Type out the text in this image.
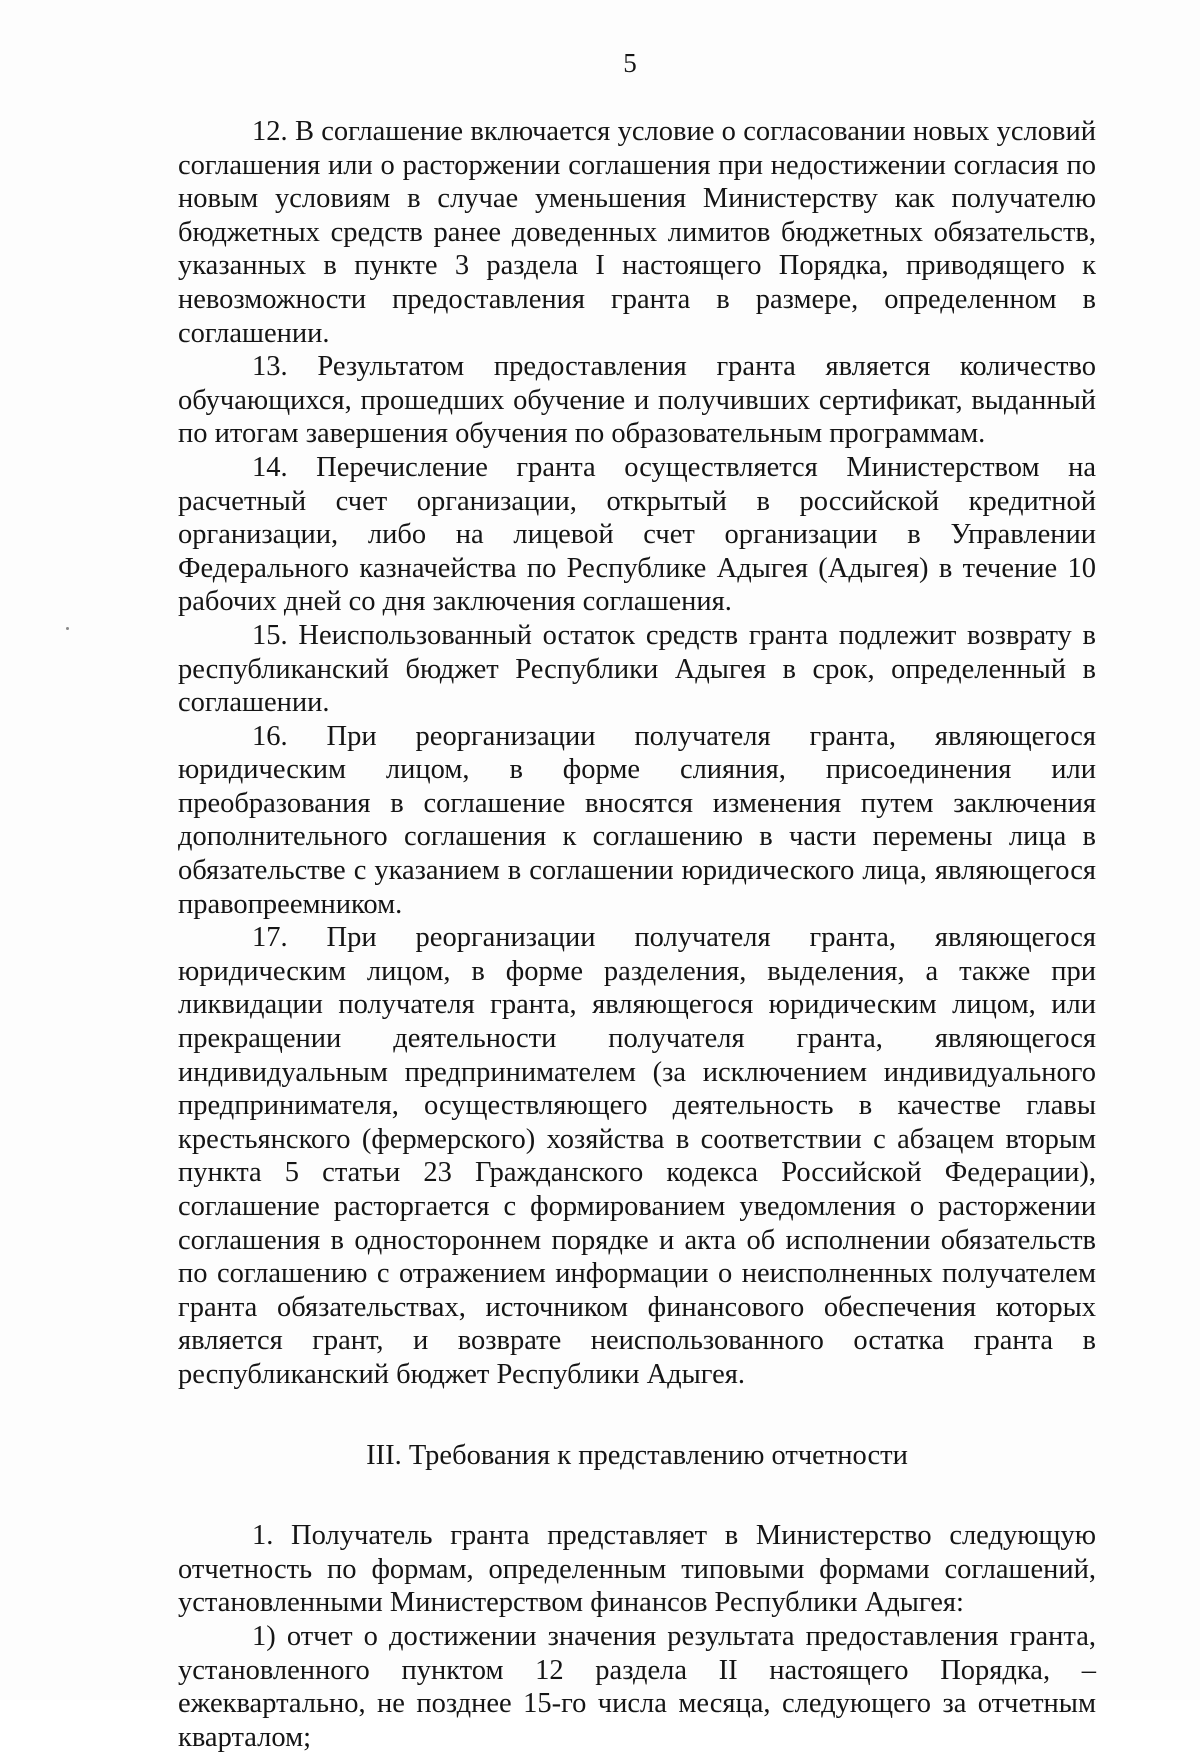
5

12. В соглашение включается условие о согласовании новых условий соглашения или о расторжении соглашения при недостижении согласия по новым условиям в случае уменьшения Министерству как получателю бюджетных средств ранее доведенных лимитов бюджетных обязательств, указанных в пункте 3 раздела I настоящего Порядка, приводящего к невозможности предоставления гранта в размере, определенном в соглашении.

13. Результатом предоставления гранта является количество обучающихся, прошедших обучение и получивших сертификат, выданный по итогам завершения обучения по образовательным программам.

14. Перечисление гранта осуществляется Министерством на расчетный счет организации, открытый в российской кредитной организации, либо на лицевой счет организации в Управлении Федерального казначейства по Республике Адыгея (Адыгея) в течение 10 рабочих дней со дня заключения соглашения.

15. Неиспользованный остаток средств гранта подлежит возврату в республиканский бюджет Республики Адыгея в срок, определенный в соглашении.

16. При реорганизации получателя гранта, являющегося юридическим лицом, в форме слияния, присоединения или преобразования в соглашение вносятся изменения путем заключения дополнительного соглашения к соглашению в части перемены лица в обязательстве с указанием в соглашении юридического лица, являющегося правопреемником.

17. При реорганизации получателя гранта, являющегося юридическим лицом, в форме разделения, выделения, а также при ликвидации получателя гранта, являющегося юридическим лицом, или прекращении деятельности получателя гранта, являющегося индивидуальным предпринимателем (за исключением индивидуального предпринимателя, осуществляющего деятельность в качестве главы крестьянского (фермерского) хозяйства в соответствии с абзацем вторым пункта 5 статьи 23 Гражданского кодекса Российской Федерации), соглашение расторгается с формированием уведомления о расторжении соглашения в одностороннем порядке и акта об исполнении обязательств по соглашению с отражением информации о неисполненных получателем гранта обязательствах, источником финансового обеспечения которых является грант, и возврате неиспользованного остатка гранта в республиканский бюджет Республики Адыгея.

III. Требования к представлению отчетности

1. Получатель гранта представляет в Министерство следующую отчетность по формам, определенным типовыми формами соглашений, установленными Министерством финансов Республики Адыгея:

1) отчет о достижении значения результата предоставления гранта, установленного пунктом 12 раздела II настоящего Порядка, – ежеквартально, не позднее 15-го числа месяца, следующего за отчетным кварталом;
